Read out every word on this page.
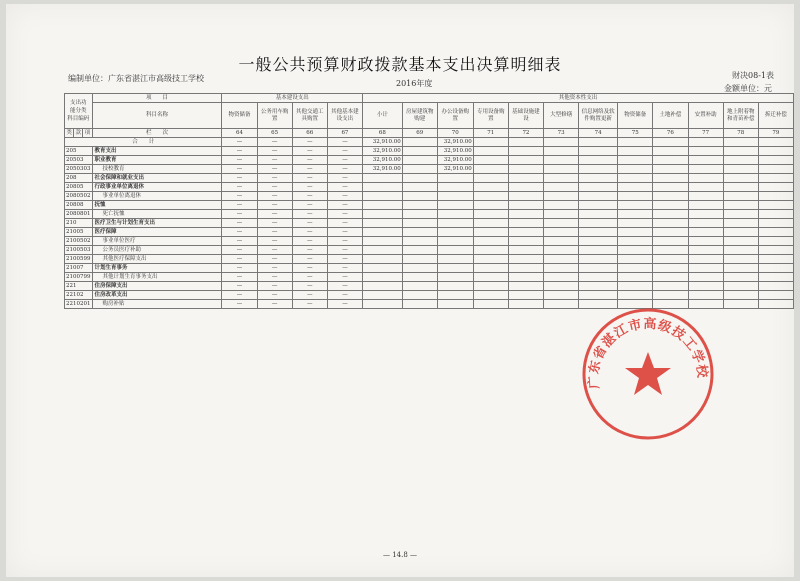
一般公共预算财政拨款基本支出决算明细表
编制单位：广东省湛江市高级技工学校
2016年度
财决08-1表
金额单位：元
支出功
能分类
科目编码			项　　目	基本建设支出				其他资本性支出											
			科目名称	物资储备	公务用车购置	其他交通工具购置	其他基本建设支出	小计	房屋建筑物购建	办公设备购置	专用设备购置	基础设施建设	大型修缮	信息网络及软件购置更新	物资储备	土地补偿	安置补助	地上附着物和青苗补偿	拆迁补偿

类	款	项	栏　　次	64	65	66	67	68	69	70	71	72	73	74	75	76	77	78	79
合　　计				—	—	—	—	32,910.00		32,910.00									
205			教育支出	—	—	—	—	32,910.00		32,910.00									
20503			职业教育	—	—	—	—	32,910.00		32,910.00									
2050303			技校教育	—	—	—	—	32,910.00		32,910.00									
208			社会保障和就业支出	—	—	—	—												
20805			行政事业单位离退休	—	—	—	—												
2080502			事业单位离退休	—	—	—	—												
20808			抚恤	—	—	—	—												
2080801			死亡抚恤	—	—	—	—												
210			医疗卫生与计划生育支出	—	—	—	—												
21005			医疗保障	—	—	—	—												
2100502			事业单位医疗	—	—	—	—												
2100503			公务员医疗补助	—	—	—	—												
2100599			其他医疗保障支出	—	—	—	—												
21007			计划生育事务	—	—	—	—												
2100799			其他计划生育事务支出	—	—	—	—												
221			住房保障支出	—	—	—	—												
22102			住房改革支出	—	—	—	—												
2210201			购房补贴	—	—	—	—												
广东省湛江市高级技工学校
— 14.8 —
